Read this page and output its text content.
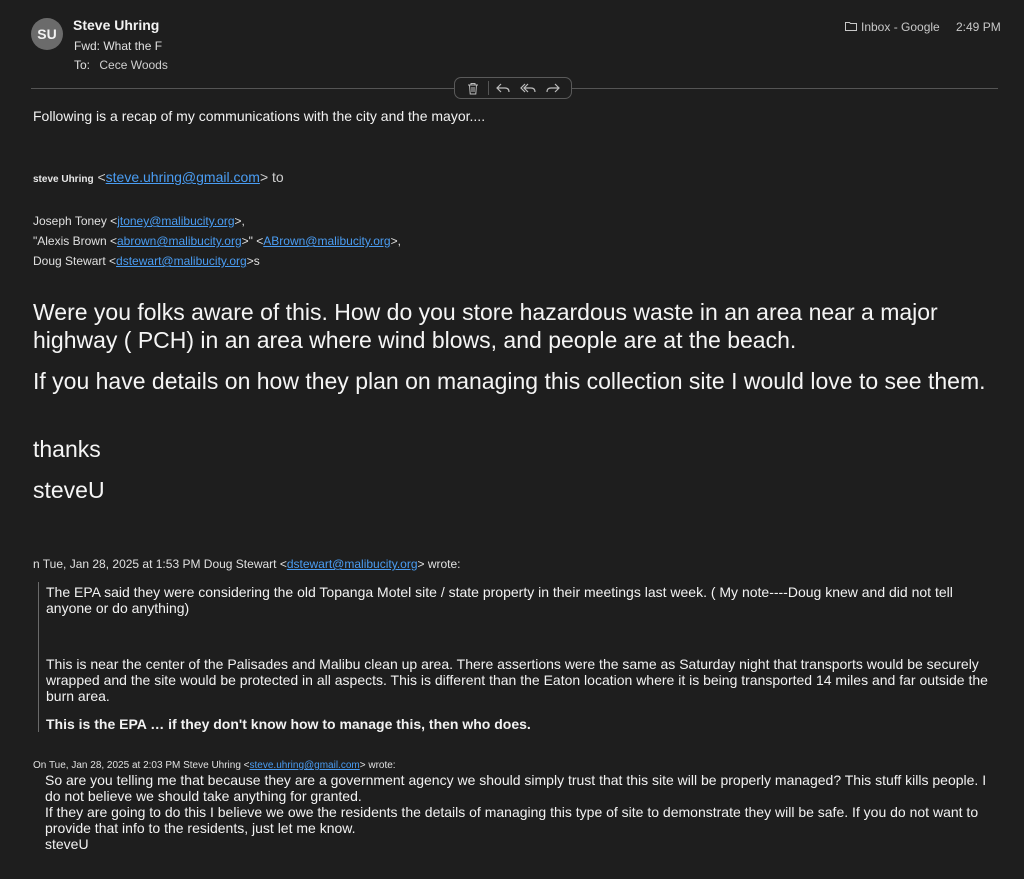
SU
Steve Uhring
Fwd: What the F
To: Cece Woods
Inbox - Google 2:49 PM
Following is a recap of my communications with the city and the mayor....
steve Uhring <steve.uhring@gmail.com> to
Joseph Toney <jtoney@malibucity.org>,
"Alexis Brown <abrown@malibucity.org>" <ABrown@malibucity.org>,
Doug Stewart <dstewart@malibucity.org>s
Were you folks aware of this. How do you store hazardous waste in an area near a major highway ( PCH) in an area where wind blows, and people are at the beach.
If you have details on how they plan on managing this collection site I would love to see them.
thanks
steveU
n Tue, Jan 28, 2025 at 1:53 PM Doug Stewart <dstewart@malibucity.org> wrote:

The EPA said they were considering the old Topanga Motel site / state property in their meetings last week. ( My note----Doug knew and did not tell anyone or do anything)

This is near the center of the Palisades and Malibu clean up area. There assertions were the same as Saturday night that transports would be securely wrapped and the site would be protected in all aspects. This is different than the Eaton location where it is being transported 14 miles and far outside the burn area.

This is the EPA … if they don't know how to manage this, then who does.

On Tue, Jan 28, 2025 at 2:03 PM Steve Uhring <steve.uhring@gmail.com> wrote:
So are you telling me that because they are a government agency we should simply trust that this site will be properly managed? This stuff kills people. I do not believe we should take anything for granted.
If they are going to do this I believe we owe the residents the details of managing this type of site to demonstrate they will be safe. If you do not want to provide that info to the residents, just let me know.
steveU
